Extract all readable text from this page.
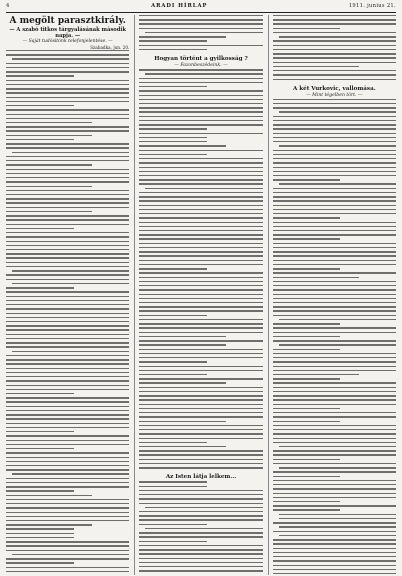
4	ARADI HÍRLAP	1911. junius 21.
A megölt parasztkirály.
— A szabó titkos tárgyalásának második napja. —
— Saját tudósitónk telefonjelentése. —
Szabadka, jun. 20.
Hogyan történt a gyilkosság ?
— Fazonbeszédeink. —
Az Isten látja lelkem...
A két Vurkovic, vallomása.
— Mint tégelben tört. —
